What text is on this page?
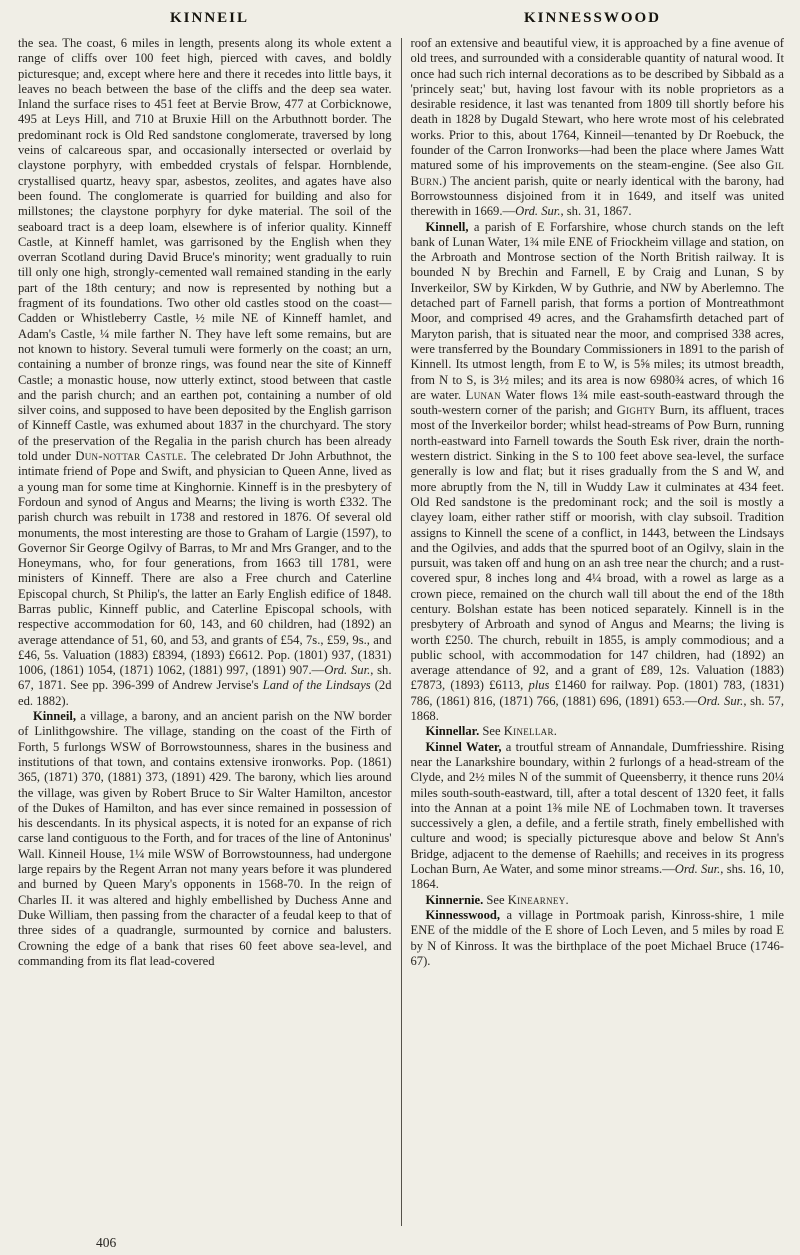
KINNEIL	KINNESSWOOD

the sea. The coast, 6 miles in length, presents along its whole extent a range of cliffs over 100 feet high, pierced with caves, and boldly picturesque; and, except where here and there it recedes into little bays, it leaves no beach between the base of the cliffs and the deep sea water. Inland the surface rises to 451 feet at Bervie Brow, 477 at Corbicknowe, 495 at Leys Hill, and 710 at Bruxie Hill on the Arbuthnott border. The predominant rock is Old Red sandstone conglomerate, traversed by long veins of calcareous spar, and occasionally intersected or overlaid by claystone porphyry, with embedded crystals of felspar. Hornblende, crystallised quartz, heavy spar, asbestos, zeolites, and agates have also been found. The conglomerate is quarried for building and also for millstones; the claystone porphyry for dyke material. The soil of the seaboard tract is a deep loam, elsewhere is of inferior quality. Kinneff Castle, at Kinneff hamlet, was garrisoned by the English when they overran Scotland during David Bruce's minority; went gradually to ruin till only one high, strongly-cemented wall remained standing in the early part of the 18th century; and now is represented by nothing but a fragment of its foundations. Two other old castles stood on the coast—Cadden or Whistleberry Castle, ½ mile NE of Kinneff hamlet, and Adam's Castle, ¼ mile farther N. They have left some remains, but are not known to history. Several tumuli were formerly on the coast; an urn, containing a number of bronze rings, was found near the site of Kinneff Castle; a monastic house, now utterly extinct, stood between that castle and the parish church; and an earthen pot, containing a number of old silver coins, and supposed to have been deposited by the English garrison of Kinneff Castle, was exhumed about 1837 in the churchyard. The story of the preservation of the Regalia in the parish church has been already told under Dun-nottar Castle. The celebrated Dr John Arbuthnot, the intimate friend of Pope and Swift, and physician to Queen Anne, lived as a young man for some time at Kinghornie. Kinneff is in the presbytery of Fordoun and synod of Angus and Mearns; the living is worth £332. The parish church was rebuilt in 1738 and restored in 1876. Of several old monuments, the most interesting are those to Graham of Largie (1597), to Governor Sir George Ogilvy of Barras, to Mr and Mrs Granger, and to the Honeymans, who, for four generations, from 1663 till 1781, were ministers of Kinneff. There are also a Free church and Caterline Episcopal church, St Philip's, the latter an Early English edifice of 1848. Barras public, Kinneff public, and Caterline Episcopal schools, with respective accommodation for 60, 143, and 60 children, had (1892) an average attendance of 51, 60, and 53, and grants of £54, 7s., £59, 9s., and £46, 5s. Valuation (1883) £8394, (1893) £6612. Pop. (1801) 937, (1831) 1006, (1861) 1054, (1871) 1062, (1881) 997, (1891) 907.—Ord. Sur., sh. 67, 1871. See pp. 396-399 of Andrew Jervise's Land of the Lindsays (2d ed. 1882).

Kinneil, a village, a barony, and an ancient parish on the NW border of Linlithgowshire. The village, standing on the coast of the Firth of Forth, 5 furlongs WSW of Borrowstounness, shares in the business and institutions of that town, and contains extensive ironworks. Pop. (1861) 365, (1871) 370, (1881) 373, (1891) 429. The barony, which lies around the village, was given by Robert Bruce to Sir Walter Hamilton, ancestor of the Dukes of Hamilton, and has ever since remained in possession of his descendants. In its physical aspects, it is noted for an expanse of rich carse land contiguous to the Forth, and for traces of the line of Antoninus' Wall. Kinneil House, 1¼ mile WSW of Borrowstounness, had undergone large repairs by the Regent Arran not many years before it was plundered and burned by Queen Mary's opponents in 1568-70. In the reign of Charles II. it was altered and highly embellished by Duchess Anne and Duke William, then passing from the character of a feudal keep to that of three sides of a quadrangle, surmounted by cornice and balusters. Crowning the edge of a bank that rises 60 feet above sea-level, and commanding from its flat lead-covered

roof an extensive and beautiful view, it is approached by a fine avenue of old trees, and surrounded with a considerable quantity of natural wood. It once had such rich internal decorations as to be described by Sibbald as a 'princely seat;' but, having lost favour with its noble proprietors as a desirable residence, it last was tenanted from 1809 till shortly before his death in 1828 by Dugald Stewart, who here wrote most of his celebrated works. Prior to this, about 1764, Kinneil—tenanted by Dr Roebuck, the founder of the Carron Ironworks—had been the place where James Watt matured some of his improvements on the steam-engine. (See also Gil Burn.) The ancient parish, quite or nearly identical with the barony, had Borrowstounness disjoined from it in 1649, and itself was united therewith in 1669.—Ord. Sur., sh. 31, 1867.

Kinnell, a parish of E Forfarshire, whose church stands on the left bank of Lunan Water, 1¾ mile ENE of Friockheim village and station, on the Arbroath and Montrose section of the North British railway. It is bounded N by Brechin and Farnell, E by Craig and Lunan, S by Inverkeilor, SW by Kirkden, W by Guthrie, and NW by Aberlemno. The detached part of Farnell parish, that forms a portion of Montreathmont Moor, and comprised 49 acres, and the Grahamsfirth detached part of Maryton parish, that is situated near the moor, and comprised 338 acres, were transferred by the Boundary Commissioners in 1891 to the parish of Kinnell. Its utmost length, from E to W, is 5⅝ miles; its utmost breadth, from N to S, is 3½ miles; and its area is now 6980¾ acres, of which 16 are water. Lunan Water flows 1¾ mile east-south-eastward through the south-western corner of the parish; and Gighty Burn, its affluent, traces most of the Inverkeilor border; whilst head-streams of Pow Burn, running north-eastward into Farnell towards the South Esk river, drain the north-western district. Sinking in the S to 100 feet above sea-level, the surface generally is low and flat; but it rises gradually from the S and W, and more abruptly from the N, till in Wuddy Law it culminates at 434 feet. Old Red sandstone is the predominant rock; and the soil is mostly a clayey loam, either rather stiff or moorish, with clay subsoil. Tradition assigns to Kinnell the scene of a conflict, in 1443, between the Lindsays and the Ogilvies, and adds that the spurred boot of an Ogilvy, slain in the pursuit, was taken off and hung on an ash tree near the church; and a rust-covered spur, 8 inches long and 4¼ broad, with a rowel as large as a crown piece, remained on the church wall till about the end of the 18th century. Bolshan estate has been noticed separately. Kinnell is in the presbytery of Arbroath and synod of Angus and Mearns; the living is worth £250. The church, rebuilt in 1855, is amply commodious; and a public school, with accommodation for 147 children, had (1892) an average attendance of 92, and a grant of £89, 12s. Valuation (1883) £7873, (1893) £6113, plus £1460 for railway. Pop. (1801) 783, (1831) 786, (1861) 816, (1871) 766, (1881) 696, (1891) 653.—Ord. Sur., sh. 57, 1868.

Kinnellar. See Kinellar.

Kinnel Water, a troutful stream of Annandale, Dumfriesshire. Rising near the Lanarkshire boundary, within 2 furlongs of a head-stream of the Clyde, and 2½ miles N of the summit of Queensberry, it thence runs 20¼ miles south-south-eastward, till, after a total descent of 1320 feet, it falls into the Annan at a point 1⅜ mile NE of Lochmaben town. It traverses successively a glen, a defile, and a fertile strath, finely embellished with culture and wood; is specially picturesque above and below St Ann's Bridge, adjacent to the demense of Raehills; and receives in its progress Lochan Burn, Ae Water, and some minor streams.—Ord. Sur., shs. 16, 10, 1864.

Kinnernie. See Kinearney.

Kinnesswood, a village in Portmoak parish, Kinross-shire, 1 mile ENE of the middle of the E shore of Loch Leven, and 5 miles by road E by N of Kinross. It was the birthplace of the poet Michael Bruce (1746-67).

406
